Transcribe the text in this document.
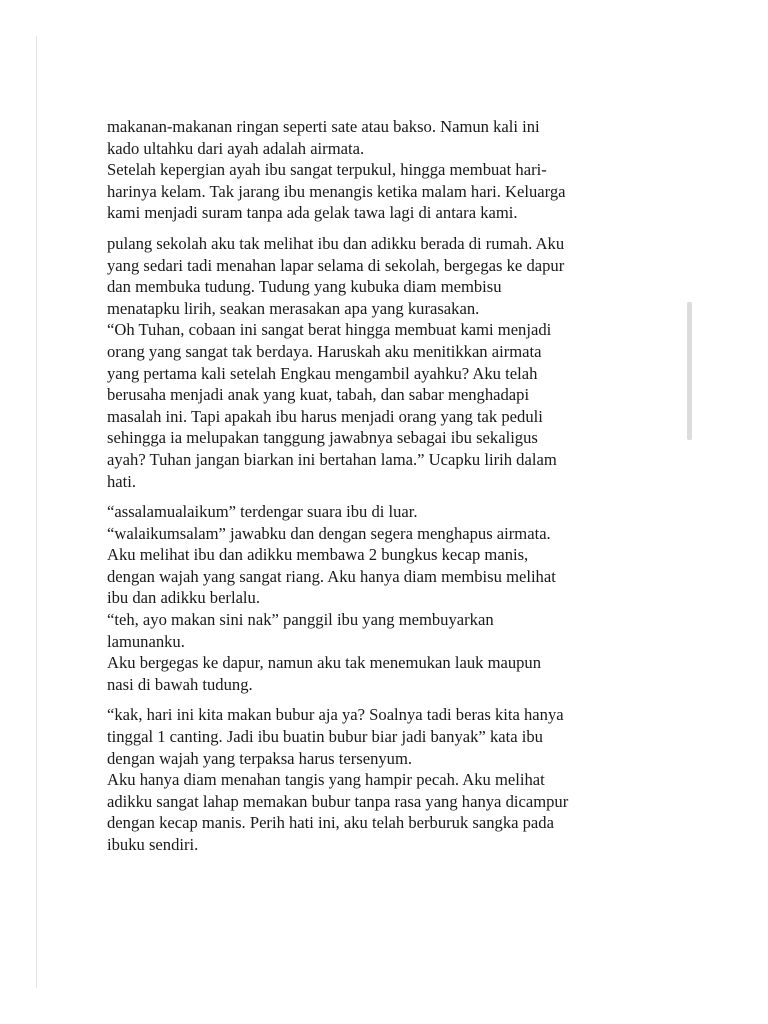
makanan-makanan ringan seperti sate atau bakso. Namun kali ini
kado ultahku dari ayah adalah airmata.
Setelah kepergian ayah ibu sangat terpukul, hingga membuat hari-
harinya kelam. Tak jarang ibu menangis ketika malam hari. Keluarga
kami menjadi suram tanpa ada gelak tawa lagi di antara kami.
pulang sekolah aku tak melihat ibu dan adikku berada di rumah. Aku
yang sedari tadi menahan lapar selama di sekolah, bergegas ke dapur
dan membuka tudung. Tudung yang kubuka diam membisu
menatapku lirih, seakan merasakan apa yang kurasakan.
“Oh Tuhan, cobaan ini sangat berat hingga membuat kami menjadi
orang yang sangat tak berdaya. Haruskah aku menitikkan airmata
yang pertama kali setelah Engkau mengambil ayahku? Aku telah
berusaha menjadi anak yang kuat, tabah, dan sabar menghadapi
masalah ini. Tapi apakah ibu harus menjadi orang yang tak peduli
sehingga ia melupakan tanggung jawabnya sebagai ibu sekaligus
ayah? Tuhan jangan biarkan ini bertahan lama.” Ucapku lirih dalam
hati.
“assalamualaikum” terdengar suara ibu di luar.
“walaikumsalam” jawabku dan dengan segera menghapus airmata.
Aku melihat ibu dan adikku membawa 2 bungkus kecap manis,
dengan wajah yang sangat riang. Aku hanya diam membisu melihat
ibu dan adikku berlalu.
“teh, ayo makan sini nak” panggil ibu yang membuyarkan
lamunanku.
Aku bergegas ke dapur, namun aku tak menemukan lauk maupun
nasi di bawah tudung.
“kak, hari ini kita makan bubur aja ya? Soalnya tadi beras kita hanya
tinggal 1 canting. Jadi ibu buatin bubur biar jadi banyak” kata ibu
dengan wajah yang terpaksa harus tersenyum.
Aku hanya diam menahan tangis yang hampir pecah. Aku melihat
adikku sangat lahap memakan bubur tanpa rasa yang hanya dicampur
dengan kecap manis. Perih hati ini, aku telah berburuk sangka pada
ibuku sendiri.
